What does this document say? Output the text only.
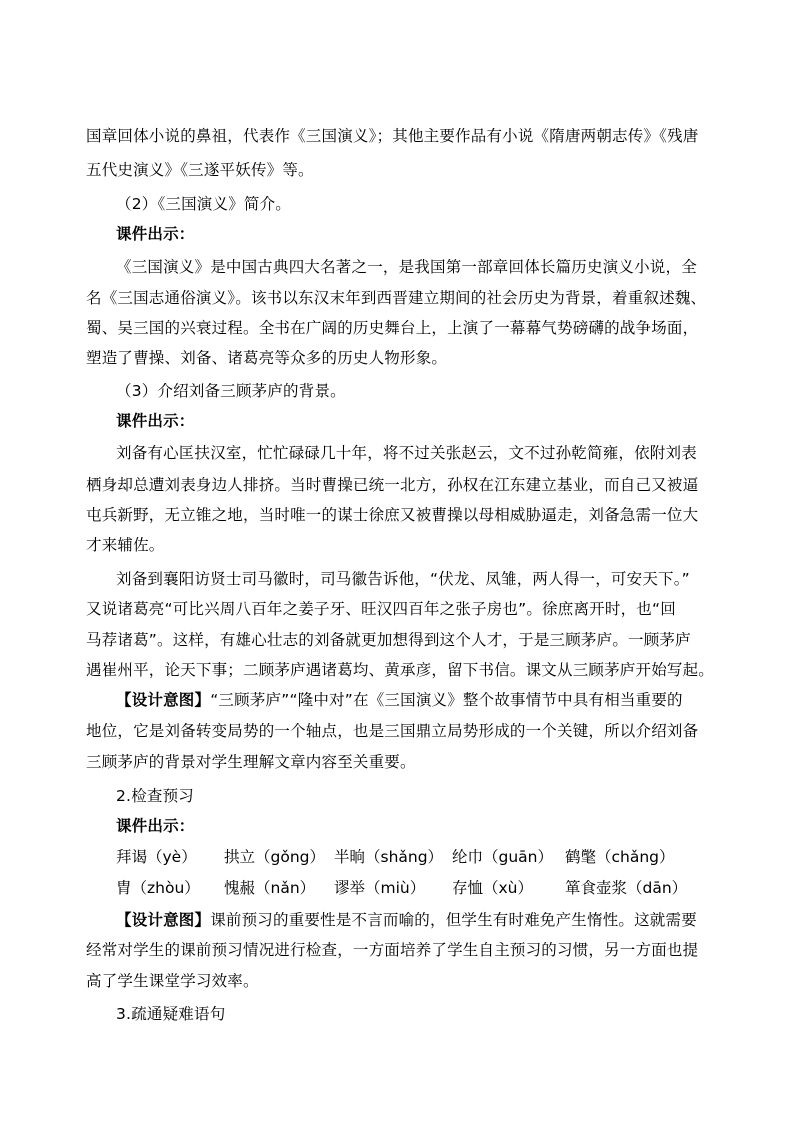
国章回体小说的鼻祖，代表作《三国演义》；其他主要作品有小说《隋唐两朝志传》《残唐
五代史演义》《三遂平妖传》等。
（2）《三国演义》简介。
课件出示：
《三国演义》是中国古典四大名著之一，是我国第一部章回体长篇历史演义小说，全
名《三国志通俗演义》。该书以东汉末年到西晋建立期间的社会历史为背景，着重叙述魏、
蜀、吴三国的兴衰过程。全书在广阔的历史舞台上，上演了一幕幕气势磅礴的战争场面，
塑造了曹操、刘备、诸葛亮等众多的历史人物形象。
（3）介绍刘备三顾茅庐的背景。
课件出示：
刘备有心匡扶汉室，忙忙碌碌几十年，将不过关张赵云，文不过孙乾简雍，依附刘表
栖身却总遭刘表身边人排挤。当时曹操已统一北方，孙权在江东建立基业，而自己又被逼
屯兵新野，无立锥之地，当时唯一的谋士徐庶又被曹操以母相威胁逼走，刘备急需一位大
才来辅佐。
刘备到襄阳访贤士司马徽时，司马徽告诉他，“伏龙、凤雏，两人得一，可安天下。”
又说诸葛亮“可比兴周八百年之姜子牙、旺汉四百年之张子房也”。徐庶离开时，也“回
马荐诸葛”。这样，有雄心壮志的刘备就更加想得到这个人才，于是三顾茅庐。一顾茅庐
遇崔州平，论天下事；二顾茅庐遇诸葛均、黄承彦，留下书信。课文从三顾茅庐开始写起。
【设计意图】“三顾茅庐”“隆中对”在《三国演义》整个故事情节中具有相当重要的
地位，它是刘备转变局势的一个轴点，也是三国鼎立局势形成的一个关键，所以介绍刘备
三顾茅庐的背景对学生理解文章内容至关重要。
2.检查预习
课件出示：
拜谒（yè） 拱立（gǒng） 半晌（shǎng） 纶巾（guān） 鹤氅（chǎng）
胄（zhòu） 愧赧（nǎn） 谬举（miù） 存恤（xù） 箪食壶浆（dān）
【设计意图】课前预习的重要性是不言而喻的，但学生有时难免产生惰性。这就需要
经常对学生的课前预习情况进行检查，一方面培养了学生自主预习的习惯，另一方面也提
高了学生课堂学习效率。
3.疏通疑难语句
